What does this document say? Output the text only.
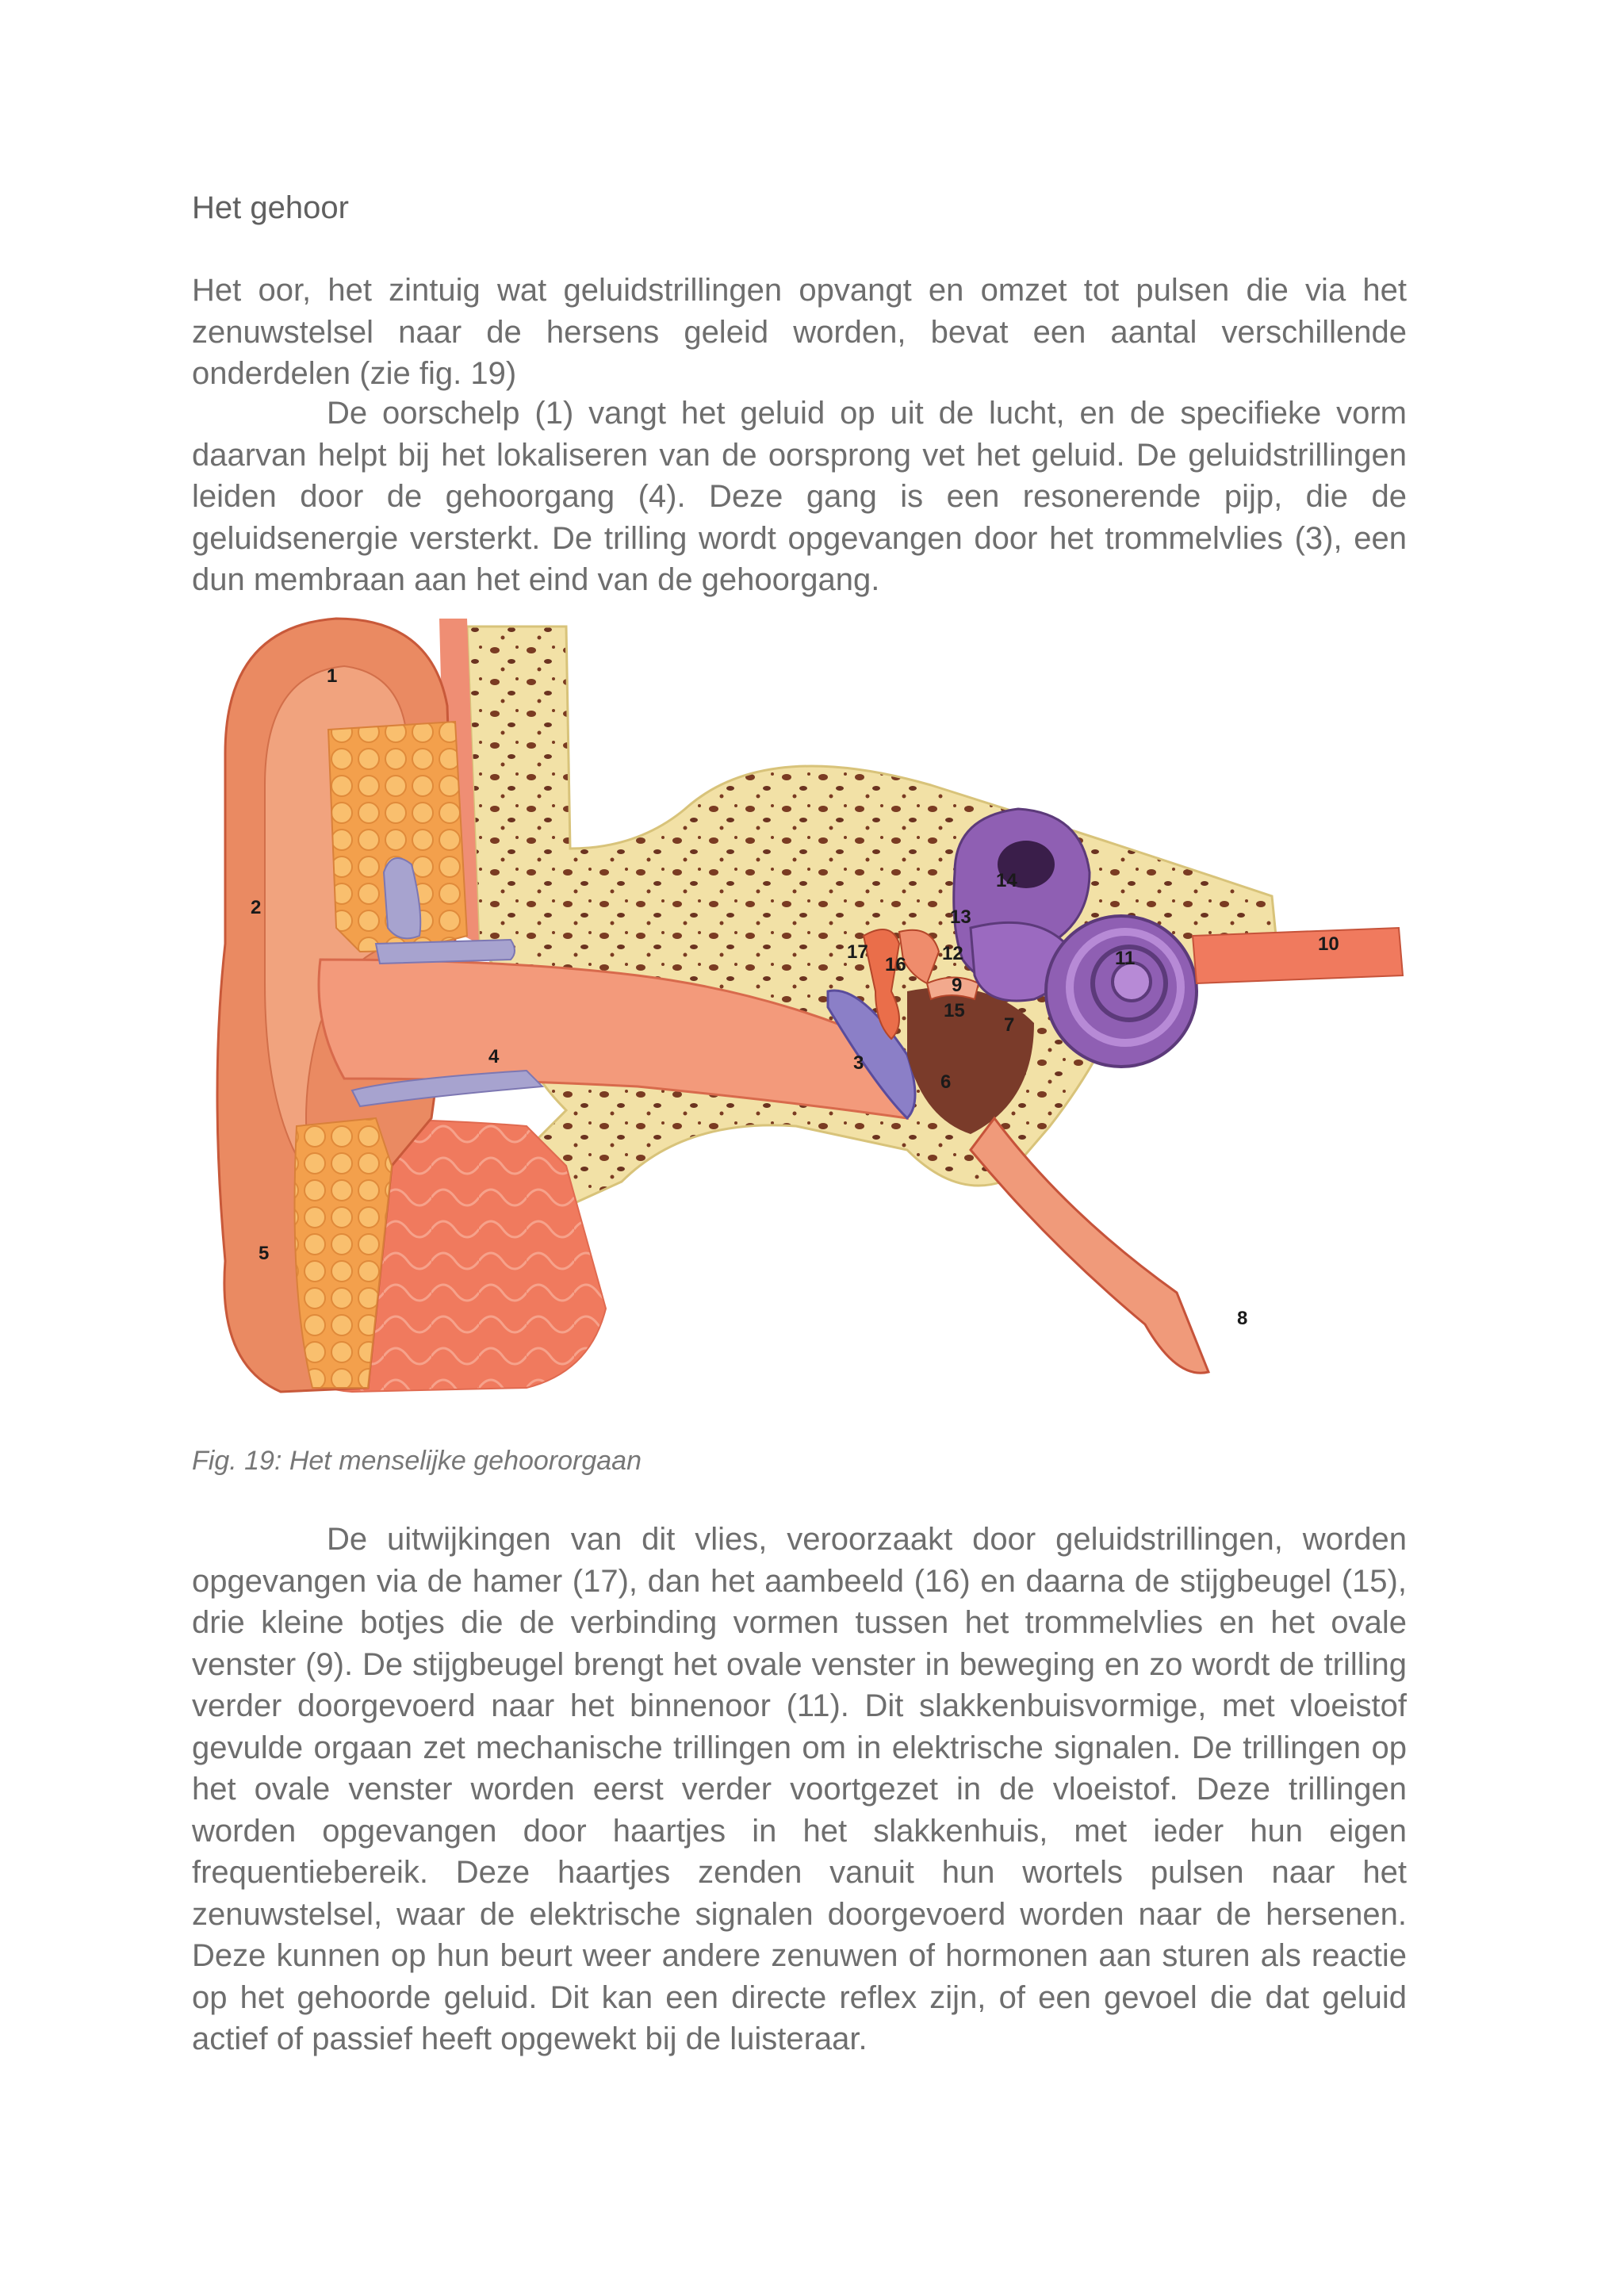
Het gehoor

Het oor, het zintuig wat geluidstrillingen opvangt en omzet tot pulsen die via het zenuwstelsel naar de hersens geleid worden, bevat een aantal verschillende onderdelen (zie fig. 19)

De oorschelp (1) vangt het geluid op uit de lucht, en de specifieke vorm daarvan helpt bij het lokaliseren van de oorsprong vet het geluid. De geluidstrillingen leiden door de gehoorgang (4). Deze gang is een resonerende pijp, die de geluidsenergie versterkt. De trilling wordt opgevangen door het trommelvlies (3), een dun membraan aan het eind van de gehoorgang.

1
2
3
4
5
6
7
8
9
10
11
12
13
14
15
16
17

Fig. 19: Het menselijke gehoororgaan

De uitwijkingen van dit vlies, veroorzaakt door geluidstrillingen, worden opgevangen via de hamer (17), dan het aambeeld (16) en daarna de stijgbeugel (15), drie kleine botjes die de verbinding vormen tussen het trommelvlies en het ovale venster (9). De stijgbeugel brengt het ovale venster in beweging en zo wordt de trilling verder doorgevoerd naar het binnenoor (11). Dit slakkenbuisvormige, met vloeistof gevulde orgaan zet mechanische trillingen om in elektrische signalen. De trillingen op het ovale venster worden eerst verder voortgezet in de vloeistof. Deze trillingen worden opgevangen door haartjes in het slakkenhuis, met ieder hun eigen frequentiebereik. Deze haartjes zenden vanuit hun wortels pulsen naar het zenuwstelsel, waar de elektrische signalen doorgevoerd worden naar de hersenen. Deze kunnen op hun beurt weer andere zenuwen of hormonen aan sturen als reactie op het gehoorde geluid. Dit kan een directe reflex zijn, of een gevoel die dat geluid actief of passief heeft opgewekt bij de luisteraar.
